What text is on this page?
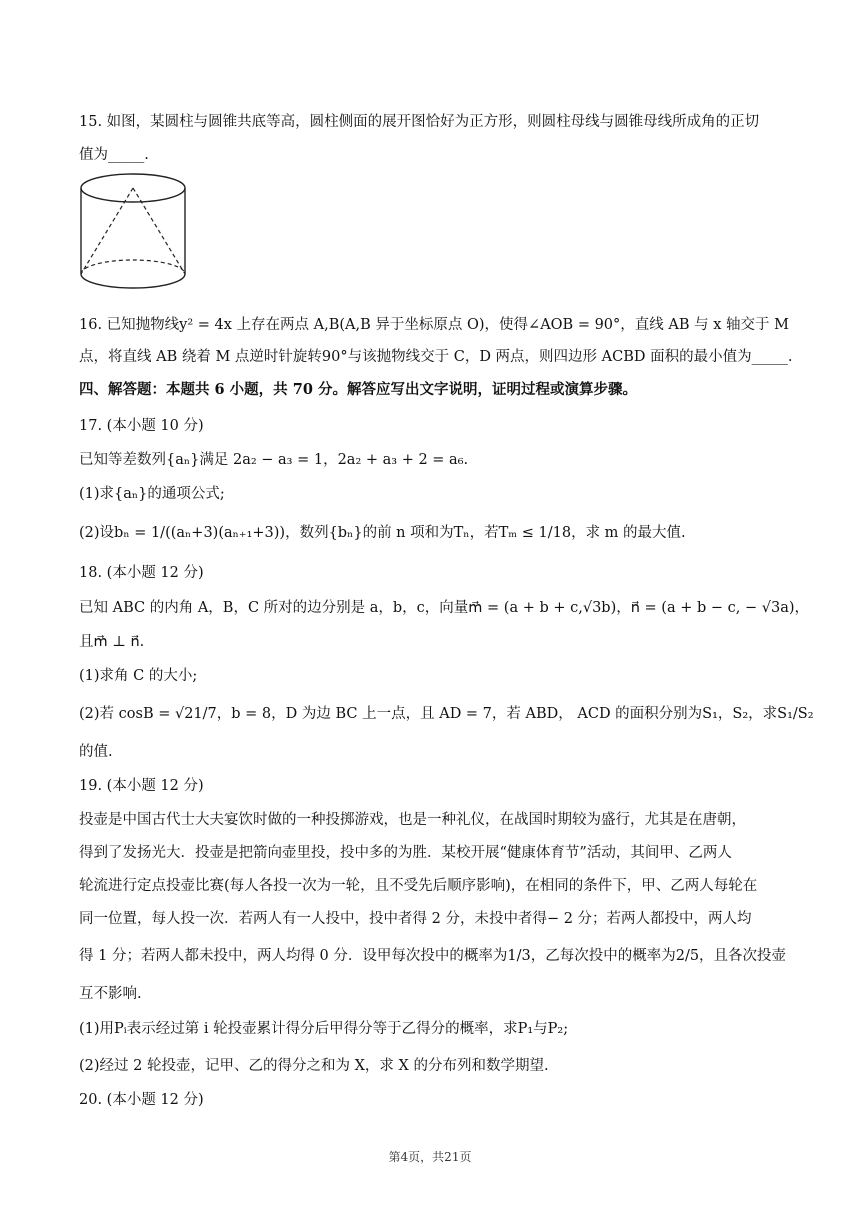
15. 如图，某圆柱与圆锥共底等高，圆柱侧面的展开图恰好为正方形，则圆柱母线与圆锥母线所成角的正切
值为_____.
16. 已知抛物线y² = 4x 上存在两点 A,B(A,B 异于坐标原点 O)，使得∠AOB = 90°，直线 AB 与 x 轴交于 M
点，将直线 AB 绕着 M 点逆时针旋转90°与该抛物线交于 C，D 两点，则四边形 ACBD 面积的最小值为_____.
四、解答题：本题共 6 小题，共 70 分。解答应写出文字说明，证明过程或演算步骤。
17. (本小题 10 分)
已知等差数列{aₙ}满足 2a₂ − a₃ = 1，2a₂ + a₃ + 2 = a₆.
(1)求{aₙ}的通项公式;
(2)设bₙ = 1/((aₙ+3)(aₙ₊₁+3))，数列{bₙ}的前 n 项和为Tₙ，若Tₘ ≤ 1/18，求 m 的最大值.
18. (本小题 12 分)
已知 ABC 的内角 A，B，C 所对的边分别是 a，b，c，向量m⃗ = (a + b + c,√3b)，n⃗ = (a + b − c, − √3a)，
且m⃗ ⊥ n⃗.
(1)求角 C 的大小;
(2)若 cosB = √21/7，b = 8，D 为边 BC 上一点，且 AD = 7，若 ABD， ACD 的面积分别为S₁，S₂，求S₁/S₂
的值.
19. (本小题 12 分)
投壶是中国古代士大夫宴饮时做的一种投掷游戏，也是一种礼仪，在战国时期较为盛行，尤其是在唐朝，
得到了发扬光大．投壶是把箭向壶里投，投中多的为胜．某校开展“健康体育节”活动，其间甲、乙两人
轮流进行定点投壶比赛(每人各投一次为一轮，且不受先后顺序影响)，在相同的条件下，甲、乙两人每轮在
同一位置，每人投一次．若两人有一人投中，投中者得 2 分，未投中者得− 2 分；若两人都投中，两人均
得 1 分；若两人都未投中，两人均得 0 分．设甲每次投中的概率为1/3，乙每次投中的概率为2/5，且各次投壶
互不影响.
(1)用Pᵢ表示经过第 i 轮投壶累计得分后甲得分等于乙得分的概率，求P₁与P₂;
(2)经过 2 轮投壶，记甲、乙的得分之和为 X，求 X 的分布列和数学期望.
20. (本小题 12 分)
第4页，共21页
